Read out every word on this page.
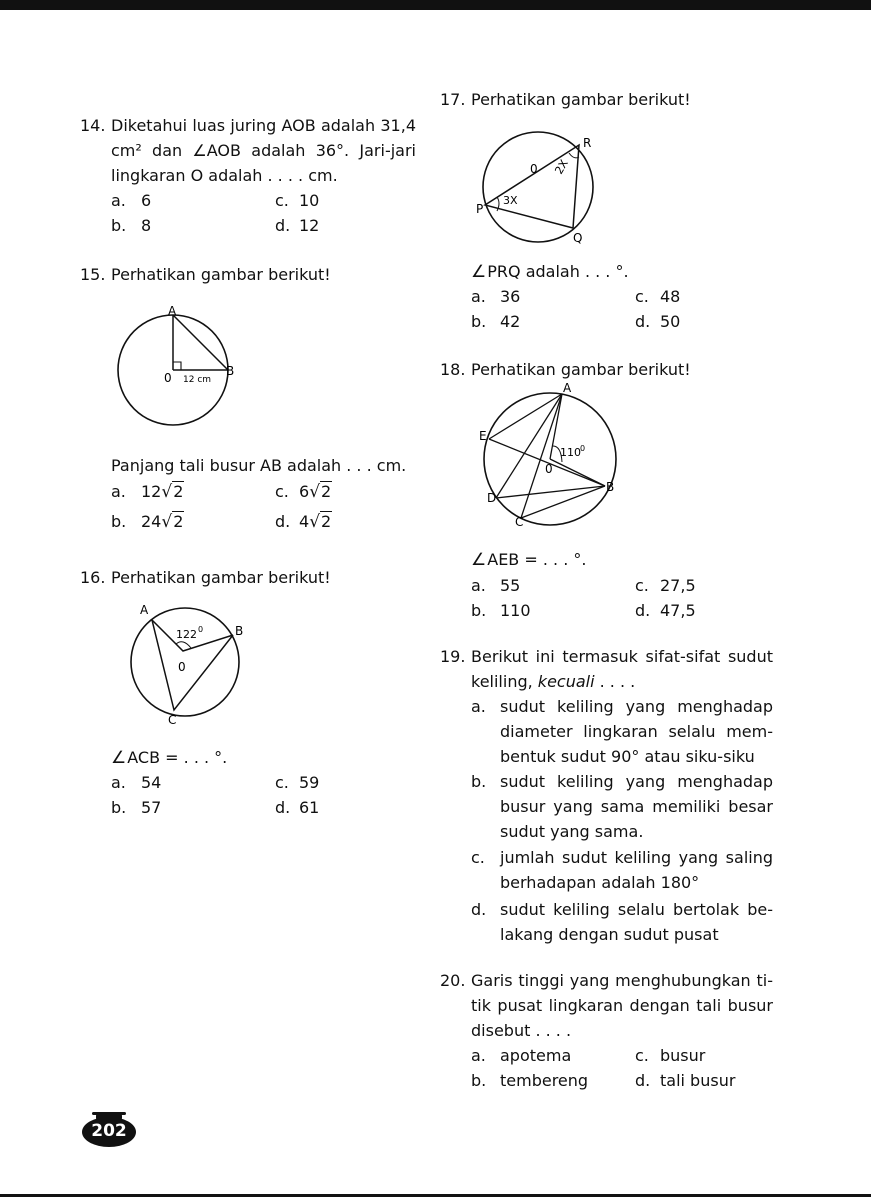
14. Diketahui luas juring AOB adalah 31,4
cm² dan ∠AOB adalah 36°. Jari-jari
lingkaran O adalah . . . . cm.
a. 6	c. 10
b. 8	d. 12
15. Perhatikan gambar berikut!
A
B
0 12 cm
Panjang tali busur AB adalah . . . cm.
a. 12√2	c. 6√2
b. 24√2	d. 4√2
16. Perhatikan gambar berikut!
A
B
C
0
122 0
∠ACB = . . . °.
a. 54	c. 59
b. 57	d. 61
17. Perhatikan gambar berikut!
P
Q
R
0
3X
2X
∠PRQ adalah . . . °.
a. 36	c. 48
b. 42	d. 50
18. Perhatikan gambar berikut!
A
B
C
D
E
0
110 0
∠AEB = . . . °.
a. 55	c. 27,5
b. 110	d. 47,5
19. Berikut ini termasuk sifat-sifat sudut
keliling, kecuali . . . .
a. sudut keliling yang menghadap
diameter lingkaran selalu mem-
bentuk sudut 90° atau siku-siku
b. sudut keliling yang menghadap
busur yang sama memiliki besar
sudut yang sama.
c. jumlah sudut keliling yang saling
berhadapan adalah 180°
d. sudut keliling selalu bertolak be-
lakang dengan sudut pusat
20. Garis tinggi yang menghubungkan ti-
tik pusat lingkaran dengan tali busur
disebut . . . .
a. apotema	c. busur
b. tembereng	d. tali busur
202
